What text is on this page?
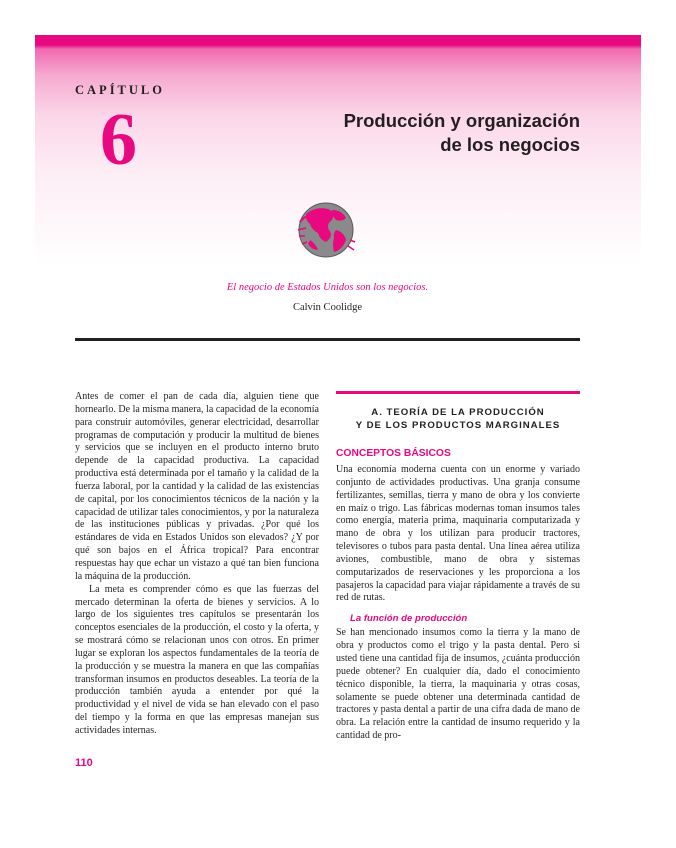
CAPÍTULO

6	Producción y organización
de los negocios

El negocio de Estados Unidos son los negocios.

Calvin Coolidge

Antes de comer el pan de cada día, alguien tiene que hornearlo. De la misma manera, la capacidad de la economía para construir automóviles, generar electricidad, desarrollar programas de computación y producir la multitud de bienes y servicios que se incluyen en el producto interno bruto depende de la capacidad productiva. La capacidad productiva está determinada por el tamaño y la calidad de la fuerza laboral, por la cantidad y la calidad de las existencias de capital, por los conocimientos técnicos de la nación y la capacidad de utilizar tales conocimientos, y por la naturaleza de las instituciones públicas y privadas. ¿Por qué los estándares de vida en Estados Unidos son elevados? ¿Y por qué son bajos en el África tropical? Para encontrar respuestas hay que echar un vistazo a qué tan bien funciona la máquina de la producción.

La meta es comprender cómo es que las fuerzas del mercado determinan la oferta de bienes y servicios. A lo largo de los siguientes tres capítulos se presentarán los conceptos esenciales de la producción, el costo y la oferta, y se mostrará cómo se relacionan unos con otros. En primer lugar se exploran los aspectos fundamentales de la teoría de la producción y se muestra la manera en que las compañías transforman insumos en productos deseables. La teoría de la producción también ayuda a entender por qué la productividad y el nivel de vida se han elevado con el paso del tiempo y la forma en que las empresas manejan sus actividades internas.

A. TEORÍA DE LA PRODUCCIÓN
Y DE LOS PRODUCTOS MARGINALES
CONCEPTOS BÁSICOS

Una economía moderna cuenta con un enorme y variado conjunto de actividades productivas. Una granja consume fertilizantes, semillas, tierra y mano de obra y los convierte en maíz o trigo. Las fábricas modernas toman insumos tales como energía, materia prima, maquinaria computarizada y mano de obra y los utilizan para producir tractores, televisores o tubos para pasta dental. Una línea aérea utiliza aviones, combustible, mano de obra y sistemas computarizados de reservaciones y les proporciona a los pasajeros la capacidad para viajar rápidamente a través de su red de rutas.

La función de producción

Se han mencionado insumos como la tierra y la mano de obra y productos como el trigo y la pasta dental. Pero si usted tiene una cantidad fija de insumos, ¿cuánta producción puede obtener? En cualquier día, dado el conocimiento técnico disponible, la tierra, la maquinaria y otras cosas, solamente se puede obtener una determinada cantidad de tractores y pasta dental a partir de una cifra dada de mano de obra. La relación entre la cantidad de insumo requerido y la cantidad de pro-

110
